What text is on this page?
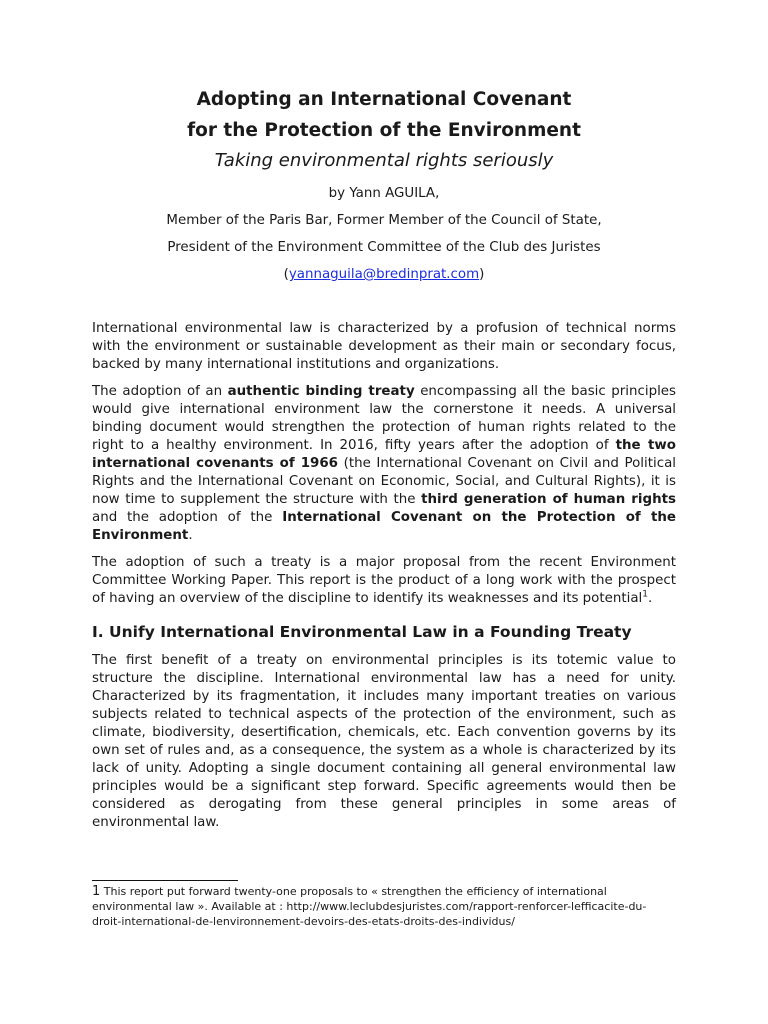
Adopting an International Covenant
for the Protection of the Environment
Taking environmental rights seriously
by Yann AGUILA,
Member of the Paris Bar, Former Member of the Council of State,
President of the Environment Committee of the Club des Juristes
(yannaguila@bredinprat.com)

International environmental law is characterized by a profusion of technical norms with the environment or sustainable development as their main or secondary focus, backed by many international institutions and organizations.

The adoption of an authentic binding treaty encompassing all the basic principles would give international environment law the cornerstone it needs. A universal binding document would strengthen the protection of human rights related to the right to a healthy environment. In 2016, fifty years after the adoption of the two international covenants of 1966 (the International Covenant on Civil and Political Rights and the International Covenant on Economic, Social, and Cultural Rights), it is now time to supplement the structure with the third generation of human rights and the adoption of the International Covenant on the Protection of the Environment.

The adoption of such a treaty is a major proposal from the recent Environment Committee Working Paper. This report is the product of a long work with the prospect of having an overview of the discipline to identify its weaknesses and its potential$^1$.

I. Unify International Environmental Law in a Founding Treaty

The first benefit of a treaty on environmental principles is its totemic value to structure the discipline. International environmental law has a need for unity. Characterized by its fragmentation, it includes many important treaties on various subjects related to technical aspects of the protection of the environment, such as climate, biodiversity, desertification, chemicals, etc. Each convention governs by its own set of rules and, as a consequence, the system as a whole is characterized by its lack of unity. Adopting a single document containing all general environmental law principles would be a significant step forward. Specific agreements would then be considered as derogating from these general principles in some areas of environmental law.

1 This report put forward twenty-one proposals to « strengthen the efficiency of international
environmental law ». Available at : http://www.leclubdesjuristes.com/rapport-renforcer-lefficacite-du-
droit-international-de-lenvironnement-devoirs-des-etats-droits-des-individus/
